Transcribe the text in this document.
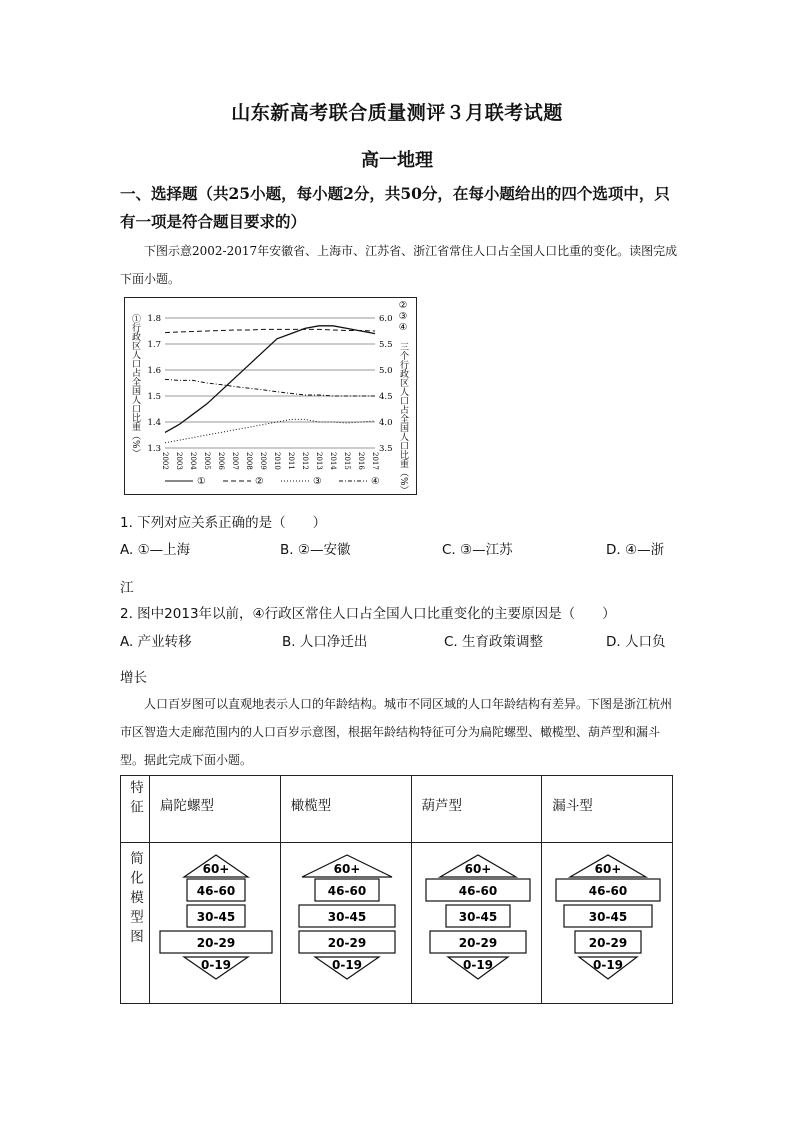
山东新高考联合质量测评３月联考试题
高一地理
一、选择题（共25小题，每小题2分，共50分，在每小题给出的四个选项中，只有一项是符合题目要求的）
下图示意2002-2017年安徽省、上海市、江苏省、浙江省常住人口占全国人口比重的变化。读图完成下面小题。
1.3
1.4
1.5
1.6
1.7
1.8
3.5
4.0
4.5
5.0
5.5
6.0
2002 2003 2004 2005 2006 2007 2008 2009 2010 2011 2012 2013 2014 2015 2016 2017
①行政区人口占全国人口比重（%）
②
③
④
三个行政区人口占全国人口比重（%）
①	②	③	④
1. 下列对应关系正确的是（　　）
A. ①—上海	B. ②—安徽	C. ③—江苏	D. ④—浙
江
2. 图中2013年以前，④行政区常住人口占全国人口比重变化的主要原因是（　　）
A. 产业转移	B. 人口净迁出	C. 生育政策调整	D. 人口负
增长
人口百岁图可以直观地表示人口的年龄结构。城市不同区域的人口年龄结构有差异。下图是浙江杭州市区智造大走廊范围内的人口百岁示意图，根据年龄结构特征可分为扁陀螺型、橄榄型、葫芦型和漏斗型。据此完成下面小题。
特征	扁陀螺型	橄榄型	葫芦型	漏斗型

简化模型图	60+
46-60
30-45
20-29
0-19	60+
46-60
30-45
20-29
0-19	60+
46-60
30-45
20-29
0-19	60+
46-60
30-45
20-29
0-19
